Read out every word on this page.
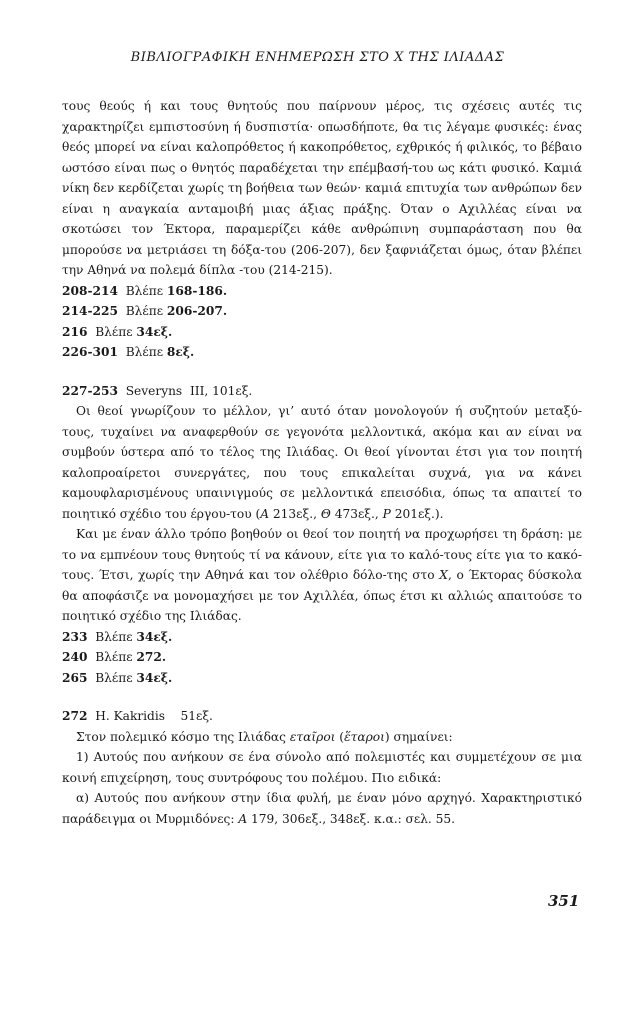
ΒΙΒΛΙΟΓΡΑΦΙΚΗ ΕΝΗΜΕΡΩΣΗ ΣΤΟ Χ ΤΗΣ ΙΛΙΑΔΑΣ

τους θεούς ή και τους θνητούς που παίρνουν μέρος, τις σχέσεις αυτές τις χαρακτηρίζει εμπιστοσύνη ή δυσπιστία· οπωσδήποτε, θα τις λέγαμε φυσικές: ένας θεός μπορεί να είναι καλοπρόθετος ή κακοπρόθετος, εχθρικός ή φιλικός, το βέβαιο ωστόσο είναι πως ο θνητός παραδέχεται την επέμβασή-του ως κάτι φυσικό. Καμιά νίκη δεν κερδίζεται χωρίς τη βοήθεια των θεών· καμιά επιτυχία των ανθρώπων δεν είναι η αναγκαία ανταμοιβή μιας άξιας πράξης. Όταν ο Αχιλλέας είναι να σκοτώσει τον Έκτορα, παραμερίζει κάθε ανθρώπινη συμπαράσταση που θα μπορούσε να μετριάσει τη δόξα-του (206-207), δεν ξαφνιάζεται όμως, όταν βλέπει την Αθηνά να πολεμά δίπλα -του (214-215).

208-214 Βλέπε 168-186.

214-225 Βλέπε 206-207.

216 Βλέπε 34εξ.

226-301 Βλέπε 8εξ.

227-253 Severyns III, 101εξ.

Οι θεοί γνωρίζουν το μέλλον, γι’ αυτό όταν μονολογούν ή συζητούν μεταξύ-τους, τυχαίνει να αναφερθούν σε γεγονότα μελλοντικά, ακόμα και αν είναι να συμβούν ύστερα από το τέλος της Ιλιάδας. Οι θεοί γίνονται έτσι για τον ποιητή καλοπροαίρετοι συνεργάτες, που τους επικαλείται συχνά, για να κάνει καμουφλαρισμένους υπαινιγμούς σε μελλοντικά επεισόδια, όπως τα απαιτεί το ποιητικό σχέδιο του έργου-του (Α 213εξ., Θ 473εξ., Ρ 201εξ.).

Και με έναν άλλο τρόπο βοηθούν οι θεοί τον ποιητή να προχωρήσει τη δράση: με το να εμπνέουν τους θνητούς τί να κάνουν, είτε για το καλό-τους είτε για το κακό-τους. Έτσι, χωρίς την Αθηνά και τον ολέθριο δόλο-της στο Χ, ο Έκτορας δύσκολα θα αποφάσιζε να μονομαχήσει με τον Αχιλλέα, όπως έτσι κι αλλιώς απαιτούσε το ποιητικό σχέδιο της Ιλιάδας.

233 Βλέπε 34εξ.

240 Βλέπε 272.

265 Βλέπε 34εξ.

272 Η. Kakridis 51εξ.

Στον πολεμικό κόσμο της Ιλιάδας εταῖροι (ἕταροι) σημαίνει:

1) Αυτούς που ανήκουν σε ένα σύνολο από πολεμιστές και συμμετέχουν σε μια κοινή επιχείρηση, τους συντρόφους του πολέμου. Πιο ειδικά:

α) Αυτούς που ανήκουν στην ίδια φυλή, με έναν μόνο αρχηγό. Χαρακτηριστικό παράδειγμα οι Μυρμιδόνες: Α 179, 306εξ., 348εξ. κ.α.: σελ. 55.

351
